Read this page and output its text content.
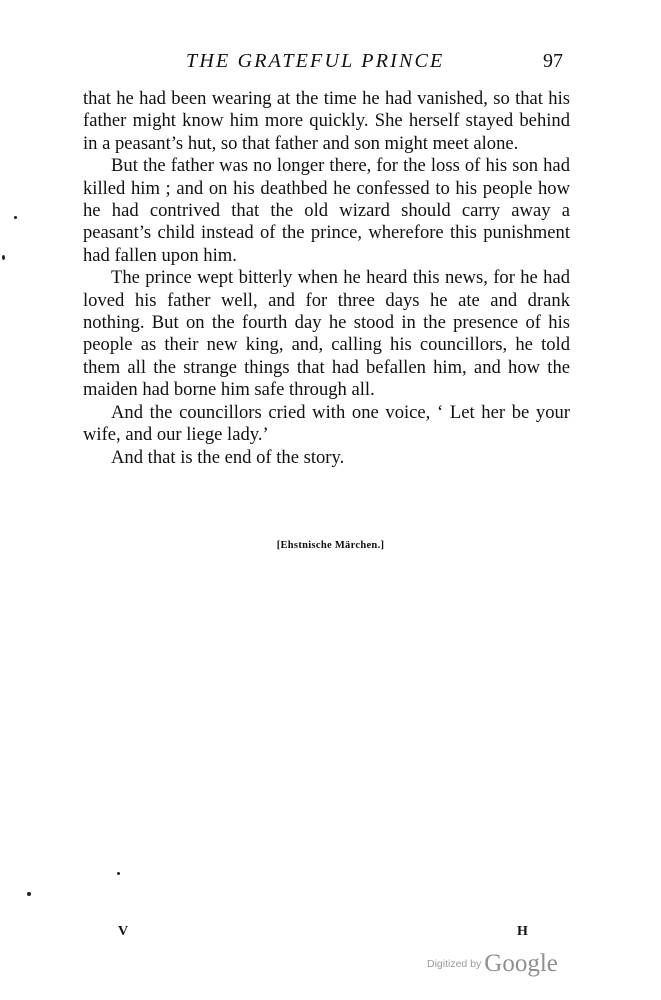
THE GRATEFUL PRINCE	97

that he had been wearing at the time he had vanished, so that his father might know him more quickly. She herself stayed behind in a peasant’s hut, so that father and son might meet alone.

But the father was no longer there, for the loss of his son had killed him ; and on his deathbed he confessed to his people how he had contrived that the old wizard should carry away a peasant’s child instead of the prince, wherefore this punishment had fallen upon him.

The prince wept bitterly when he heard this news, for he had loved his father well, and for three days he ate and drank nothing. But on the fourth day he stood in the presence of his people as their new king, and, calling his councillors, he told them all the strange things that had befallen him, and how the maiden had borne him safe through all.

And the councillors cried with one voice, ‘ Let her be your wife, and our liege lady.’

And that is the end of the story.

[Ehstnische Märchen.]
V	H
$^{Digitized by}$ Google
